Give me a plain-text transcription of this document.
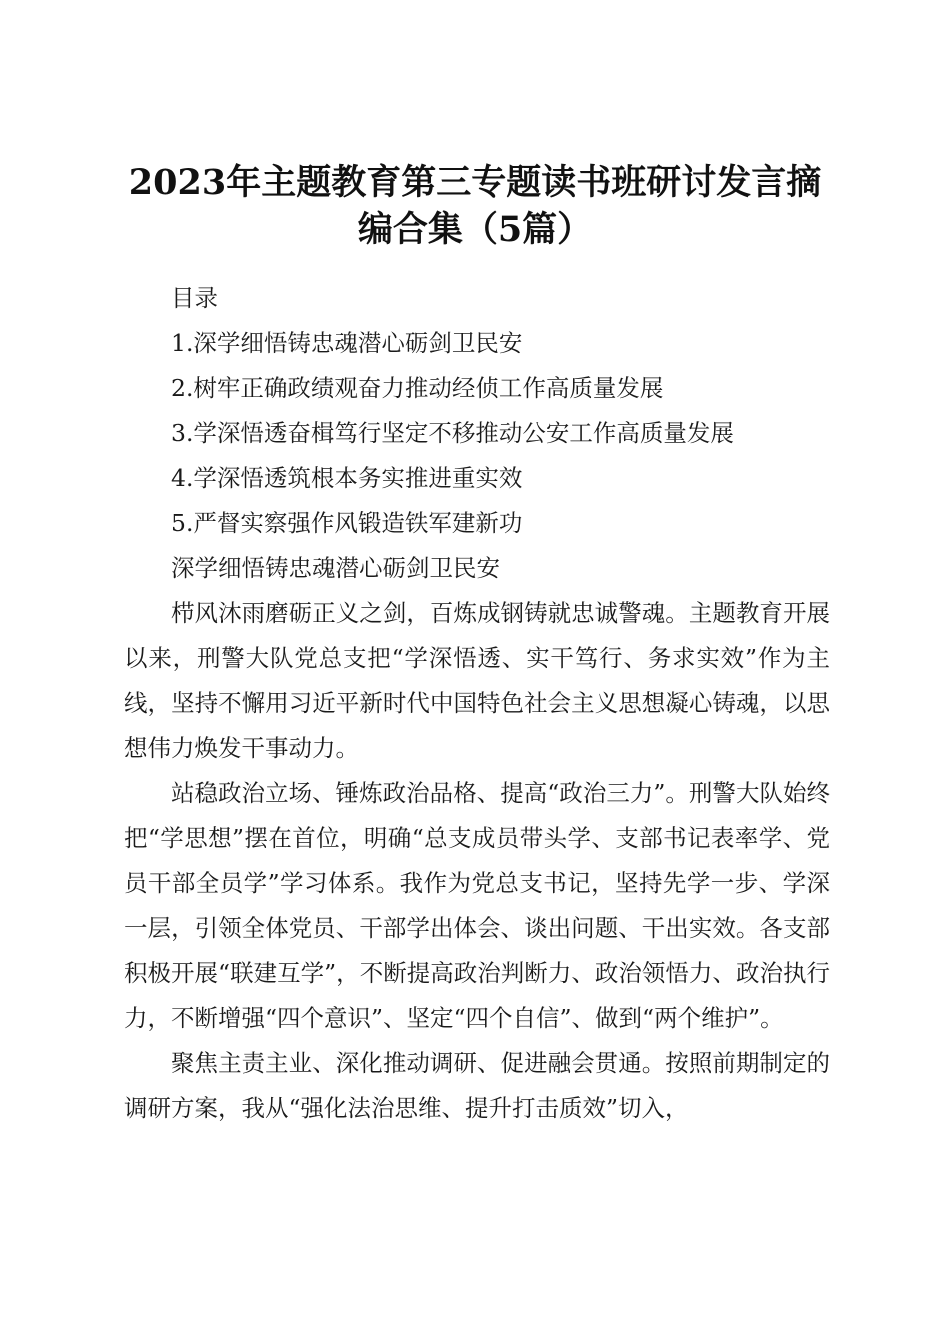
2023年主题教育第三专题读书班研讨发言摘
编合集（5篇）
目录
1.深学细悟铸忠魂潜心砺剑卫民安
2.树牢正确政绩观奋力推动经侦工作高质量发展
3.学深悟透奋楫笃行坚定不移推动公安工作高质量发展
4.学深悟透筑根本务实推进重实效
5.严督实察强作风锻造铁军建新功
深学细悟铸忠魂潜心砺剑卫民安

栉风沐雨磨砺正义之剑，百炼成钢铸就忠诚警魂。主题教育开展以来，刑警大队党总支把“学深悟透、实干笃行、务求实效”作为主线，坚持不懈用习近平新时代中国特色社会主义思想凝心铸魂，以思想伟力焕发干事动力。

站稳政治立场、锤炼政治品格、提高“政治三力”。刑警大队始终把“学思想”摆在首位，明确“总支成员带头学、支部书记表率学、党员干部全员学”学习体系。我作为党总支书记，坚持先学一步、学深一层，引领全体党员、干部学出体会、谈出问题、干出实效。各支部积极开展“联建互学”，不断提高政治判断力、政治领悟力、政治执行力，不断增强“四个意识”、坚定“四个自信”、做到“两个维护”。

聚焦主责主业、深化推动调研、促进融会贯通。按照前期制定的调研方案，我从“强化法治思维、提升打击质效”切入，
